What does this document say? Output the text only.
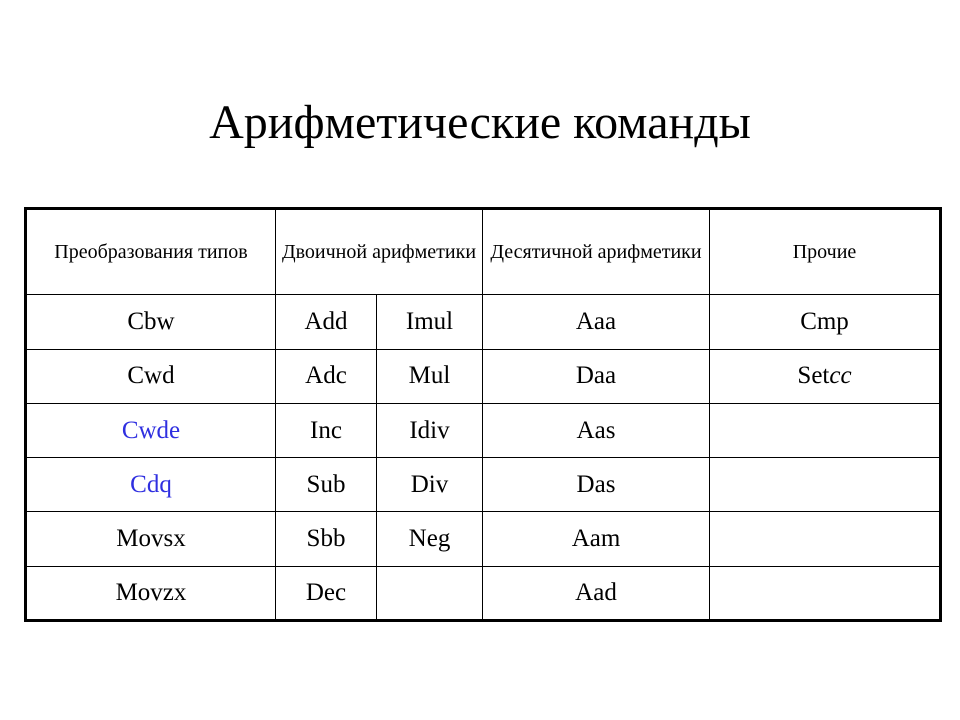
Арифметические команды
Преобразования типов	Двоичной арифметики		Десятичной арифметики	Прочие
Cbw	Add	Imul	Aaa	Cmp
Cwd	Adc	Mul	Daa	Setcc
Cwde	Inc	Idiv	Aas	
Cdq	Sub	Div	Das	
Movsx	Sbb	Neg	Aam	
Movzx	Dec		Aad	
